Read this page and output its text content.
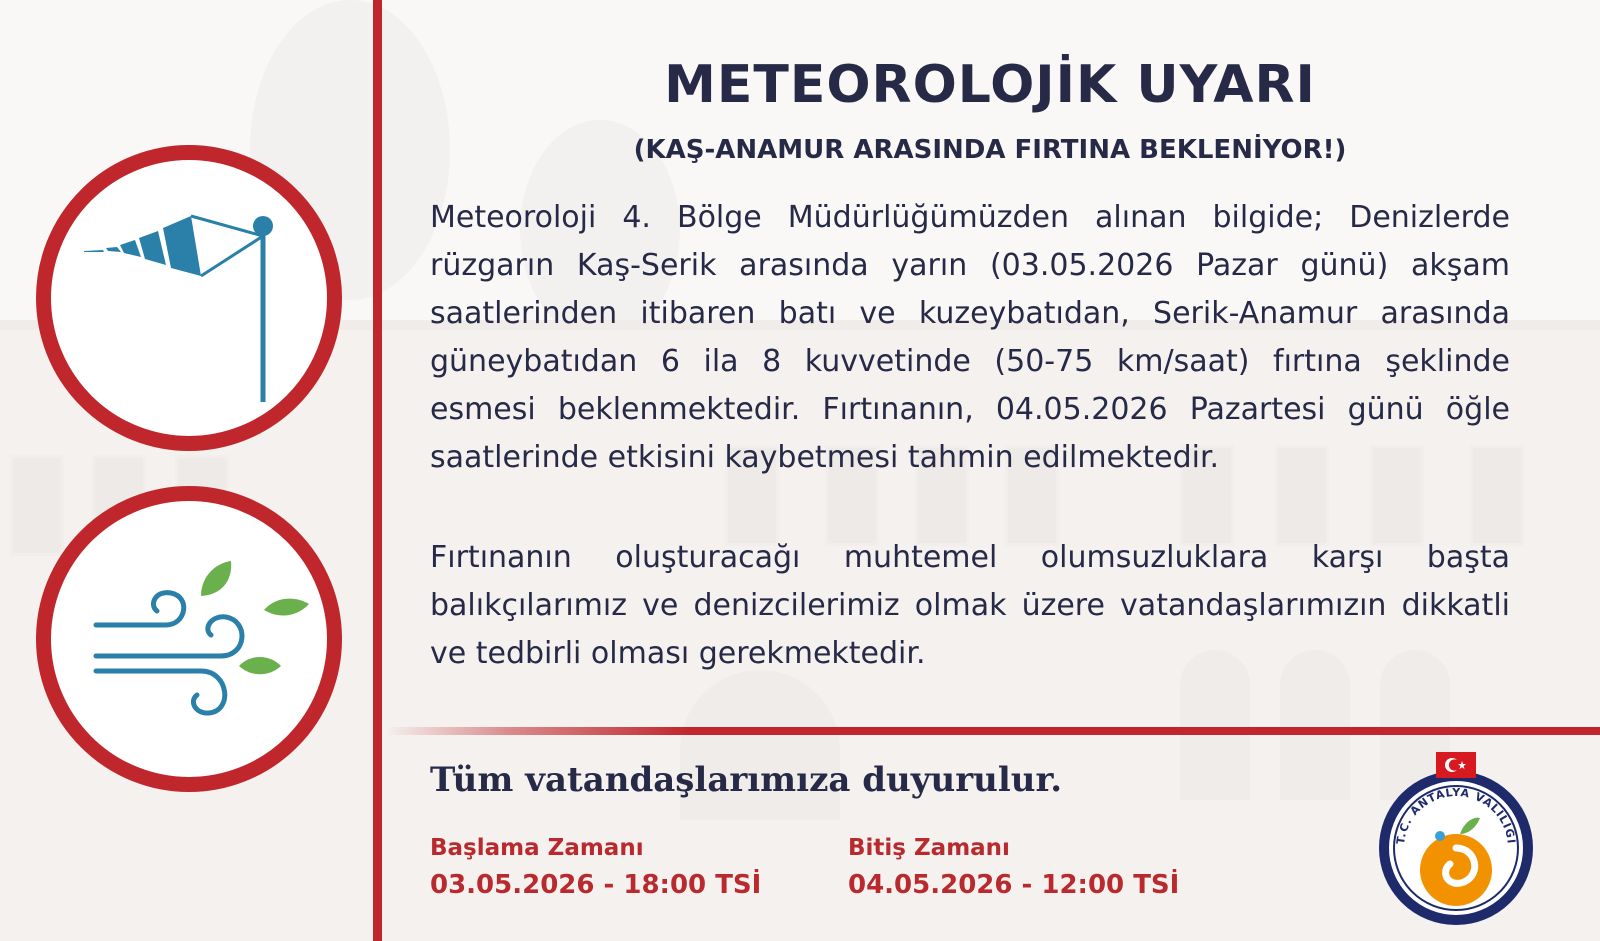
METEOROLOJİK UYARI
(KAŞ-ANAMUR ARASINDA FIRTINA BEKLENİYOR!)
Meteoroloji 4. Bölge Müdürlüğümüzden alınan bilgide; Denizlerde rüzgarın Kaş-Serik arasında yarın (03.05.2026 Pazar günü) akşam saatlerinden itibaren batı ve kuzeybatıdan, Serik-Anamur arasında güneybatıdan 6 ila 8 kuvvetinde (50-75 km/saat) fırtına şeklinde esmesi beklenmektedir. Fırtınanın, 04.05.2026 Pazartesi günü öğle saatlerinde etkisini kaybetmesi tahmin edilmektedir.
Fırtınanın oluşturacağı muhtemel olumsuzluklara karşı başta balıkçılarımız ve denizcilerimiz olmak üzere vatandaşlarımızın dikkatli ve tedbirli olması gerekmektedir.
Tüm vatandaşlarımıza duyurulur.
Başlama Zamanı
03.05.2026 - 18:00 TSİ
Bitiş Zamanı
04.05.2026 - 12:00 TSİ
T.C. ANTALYA VALİLİĞİ
